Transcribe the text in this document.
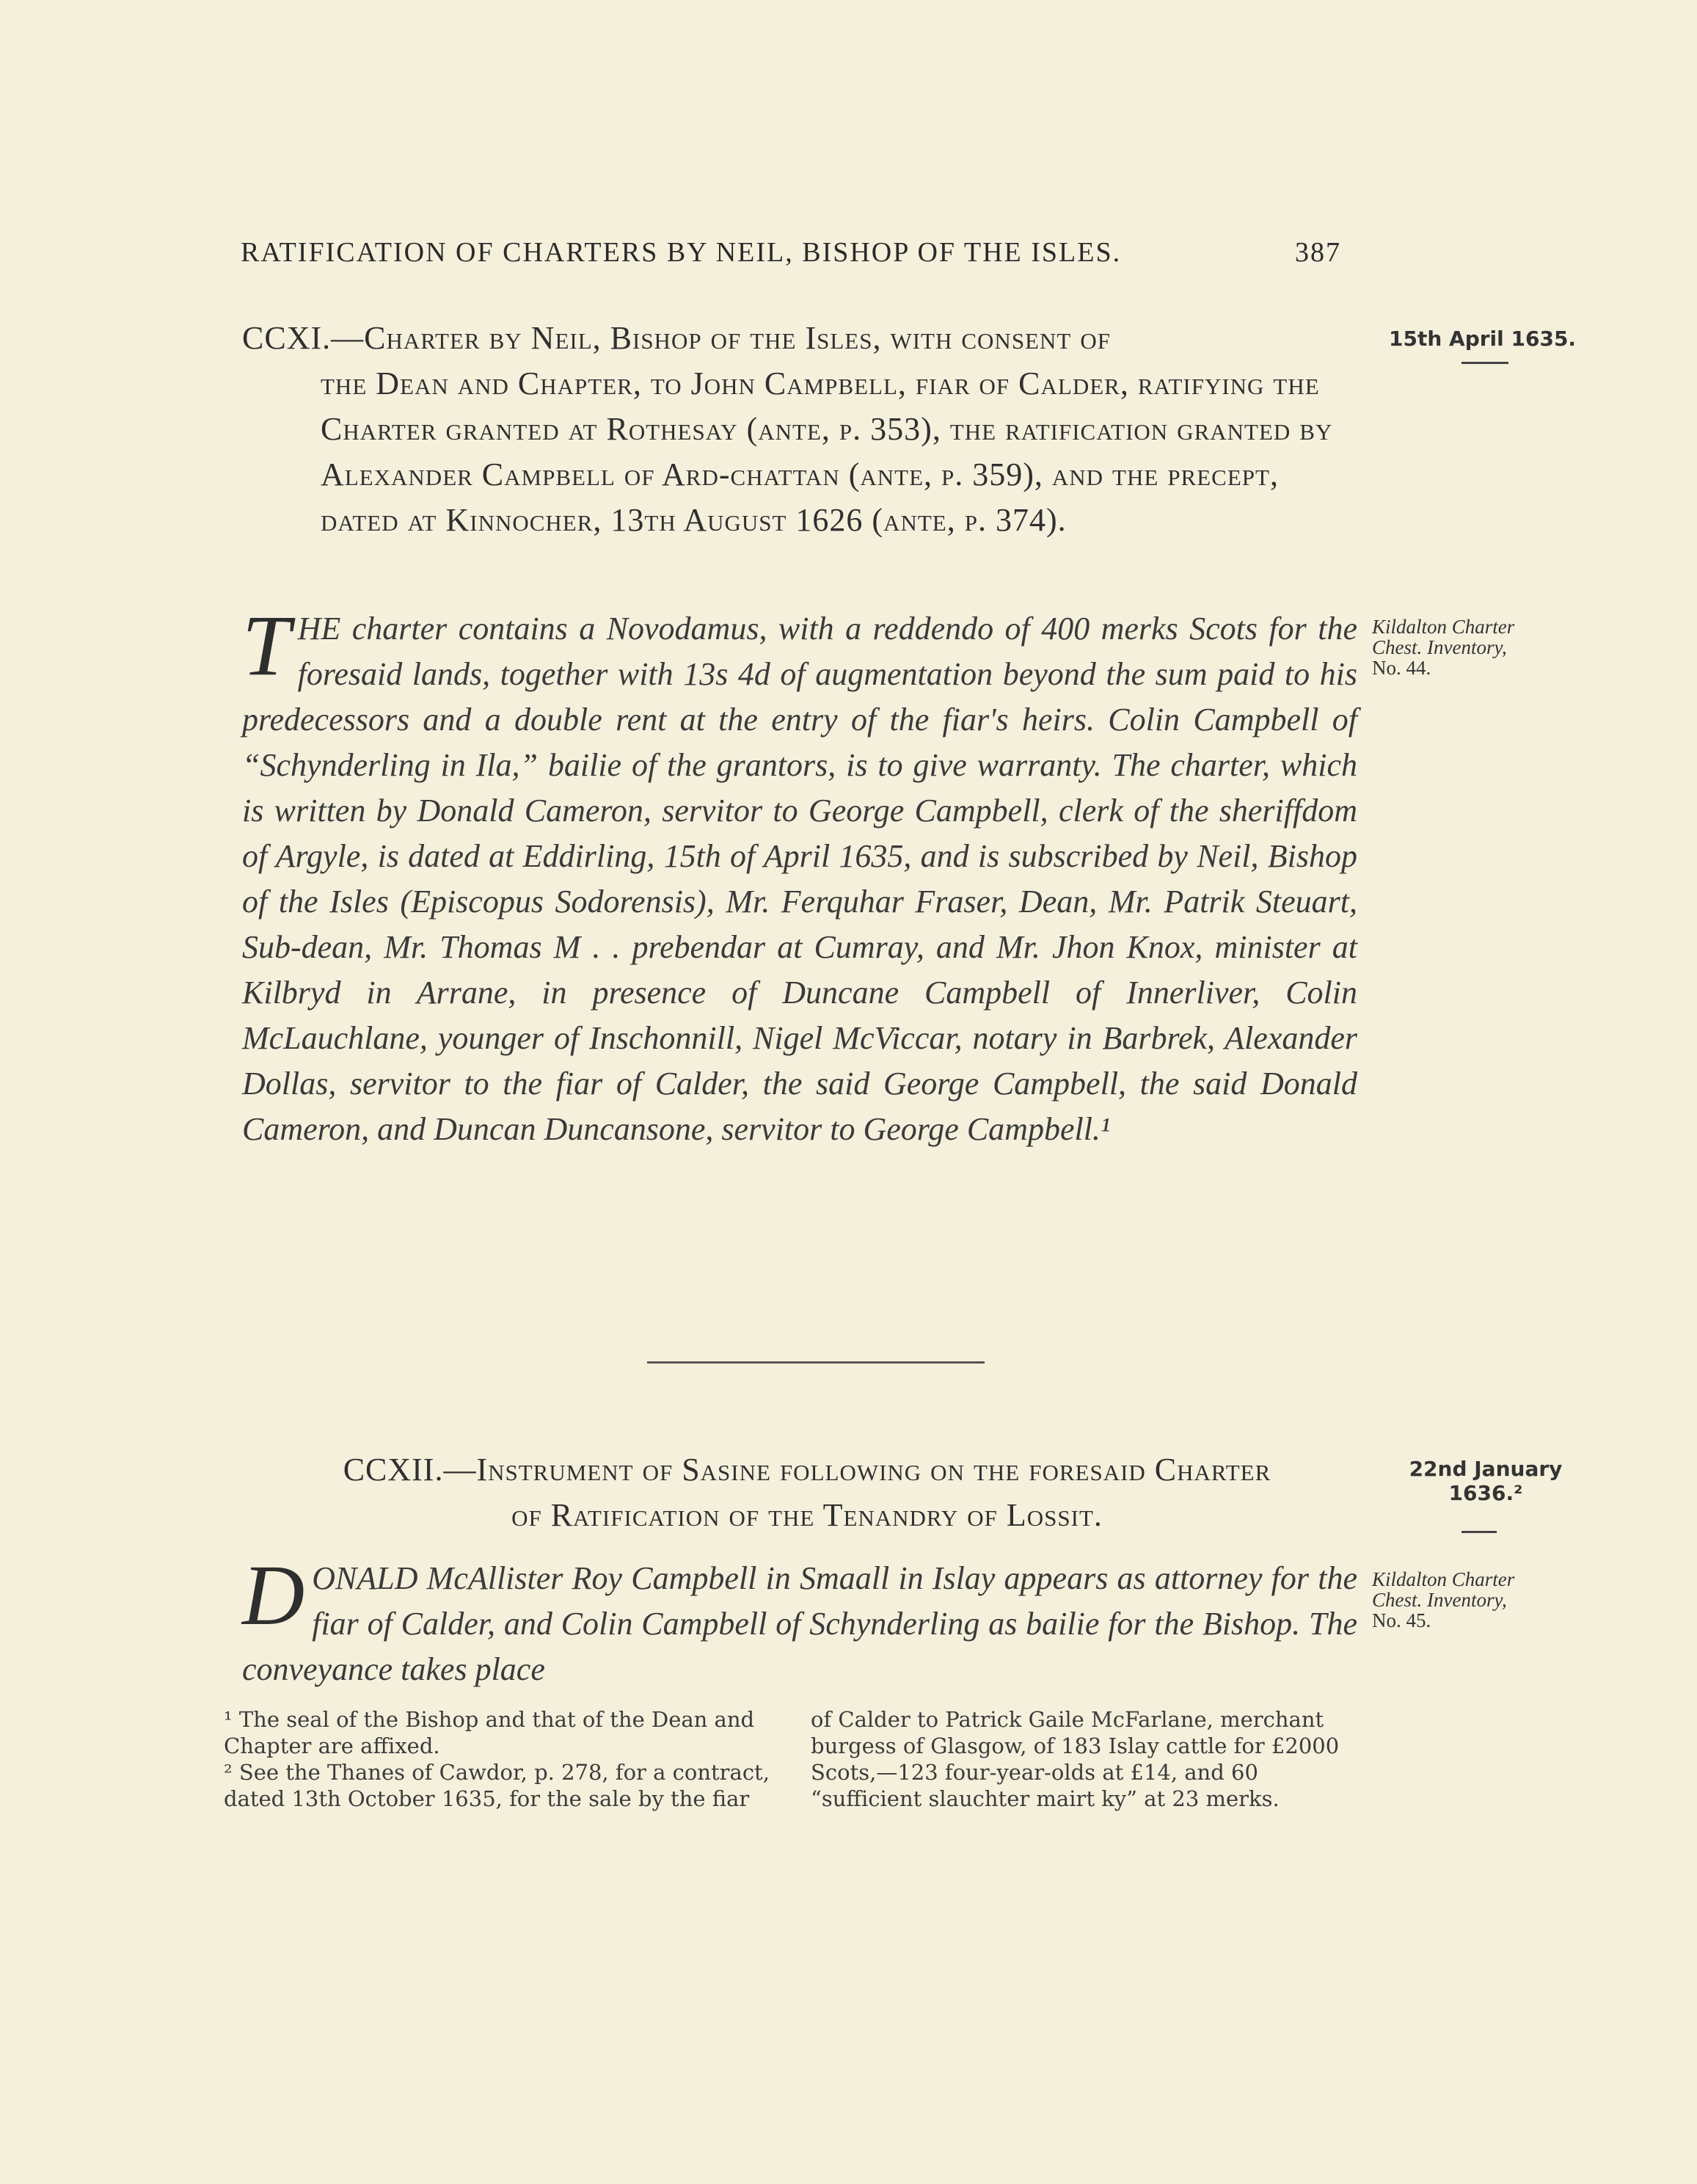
RATIFICATION OF CHARTERS BY NEIL, BISHOP OF THE ISLES.	387
CCXI.—Charter by Neil, Bishop of the Isles, with consent of
the Dean and Chapter, to John Campbell, fiar of Calder, ratifying the Charter granted at Rothesay (ante, p. 353), the ratification granted by Alexander Campbell of Ard-chattan (ante, p. 359), and the precept, dated at Kinnocher, 13th August 1626 (ante, p. 374).
15th April 1635.
Kildalton Charter
Chest. Inventory,
No. 44.
T HE charter contains a Novodamus, with a reddendo of 400 merks Scots for the foresaid lands, together with 13s 4d of augmentation beyond the sum paid to his predecessors and a double rent at the entry of the fiar's heirs. Colin Campbell of “Schynderling in Ila,” bailie of the grantors, is to give warranty. The charter, which is written by Donald Cameron, servitor to George Campbell, clerk of the sheriffdom of Argyle, is dated at Eddirling, 15th of April 1635, and is subscribed by Neil, Bishop of the Isles (Episcopus Sodorensis), Mr. Ferquhar Fraser, Dean, Mr. Patrik Steuart, Sub-dean, Mr. Thomas M . . prebendar at Cumray, and Mr. Jhon Knox, minister at Kilbryd in Arrane, in presence of Duncane Campbell of Innerliver, Colin McLauchlane, younger of Inschonnill, Nigel McViccar, notary in Barbrek, Alexander Dollas, servitor to the fiar of Calder, the said George Campbell, the said Donald Cameron, and Duncan Duncansone, servitor to George Campbell.¹
CCXII.—Instrument of Sasine following on the foresaid Charter
of Ratification of the Tenandry of Lossit.
22nd January
1636.²
Kildalton Charter
Chest. Inventory,
No. 45.
D ONALD McAllister Roy Campbell in Smaall in Islay appears as attorney for the fiar of Calder, and Colin Campbell of Schynderling as bailie for the Bishop. The conveyance takes place

¹ The seal of the Bishop and that of the Dean and Chapter are affixed.

² See the Thanes of Cawdor, p. 278, for a contract, dated 13th October 1635, for the sale by the fiar

of Calder to Patrick Gaile McFarlane, merchant burgess of Glasgow, of 183 Islay cattle for £2000 Scots,—123 four-year-olds at £14, and 60 “sufficient slauchter mairt ky” at 23 merks.
